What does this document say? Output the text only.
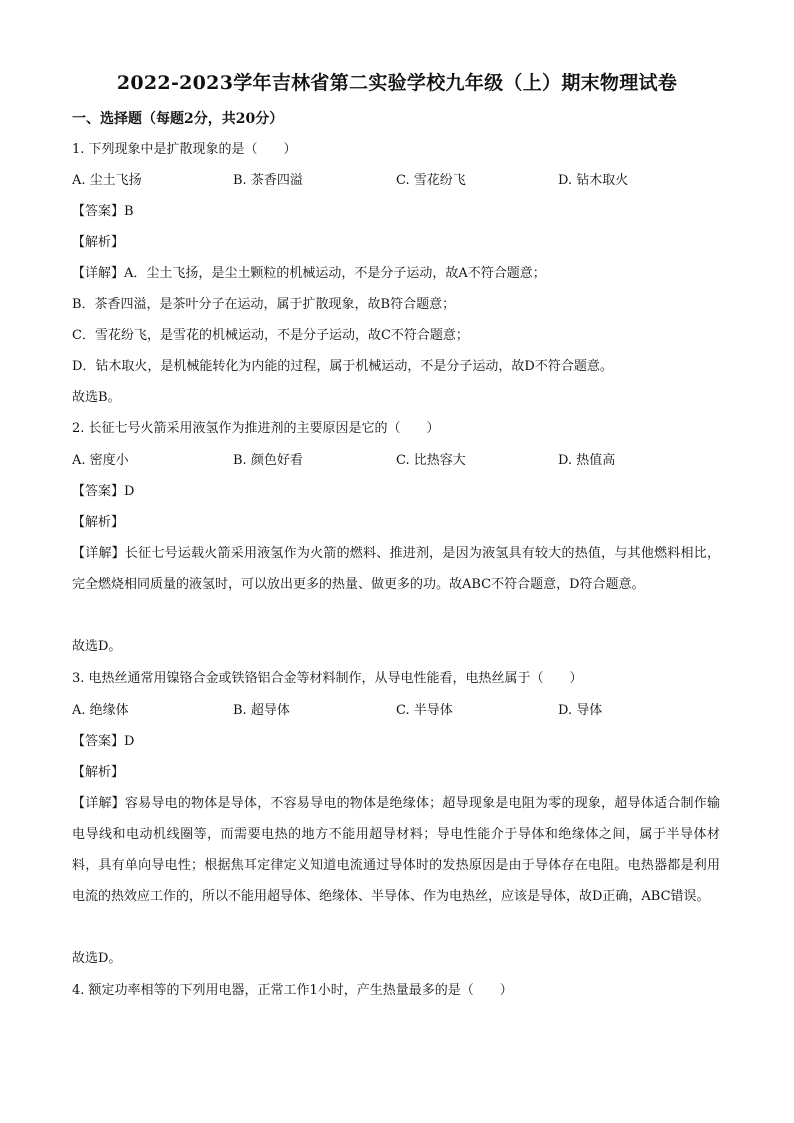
2022-2023学年吉林省第二实验学校九年级（上）期末物理试卷
一、选择题（每题2分，共20分）
1. 下列现象中是扩散现象的是（　　）
A. 尘土飞扬	B. 茶香四溢	C. 雪花纷飞	D. 钻木取火
【答案】B
【解析】
【详解】A．尘土飞扬，是尘土颗粒的机械运动，不是分子运动，故A不符合题意；
B．茶香四溢，是茶叶分子在运动，属于扩散现象，故B符合题意；
C．雪花纷飞，是雪花的机械运动，不是分子运动，故C不符合题意；
D．钻木取火，是机械能转化为内能的过程，属于机械运动，不是分子运动，故D不符合题意。
故选B。
2. 长征七号火箭采用液氢作为推进剂的主要原因是它的（　　）
A. 密度小	B. 颜色好看	C. 比热容大	D. 热值高
【答案】D
【解析】
【详解】长征七号运载火箭采用液氢作为火箭的燃料、推进剂，是因为液氢具有较大的热值，与其他燃料相比，完全燃烧相同质量的液氢时，可以放出更多的热量、做更多的功。故ABC不符合题意，D符合题意。
故选D。
3. 电热丝通常用镍铬合金或铁铬铝合金等材料制作，从导电性能看，电热丝属于（　　）
A. 绝缘体	B. 超导体	C. 半导体	D. 导体
【答案】D
【解析】
【详解】容易导电的物体是导体，不容易导电的物体是绝缘体；超导现象是电阻为零的现象，超导体适合制作输电导线和电动机线圈等，而需要电热的地方不能用超导材料；导电性能介于导体和绝缘体之间，属于半导体材料，具有单向导电性；根据焦耳定律定义知道电流通过导体时的发热原因是由于导体存在电阻。电热器都是利用电流的热效应工作的，所以不能用超导体、绝缘体、半导体、作为电热丝，应该是导体，故D正确，ABC错误。
故选D。
4. 额定功率相等的下列用电器，正常工作1小时，产生热量最多的是（　　）
